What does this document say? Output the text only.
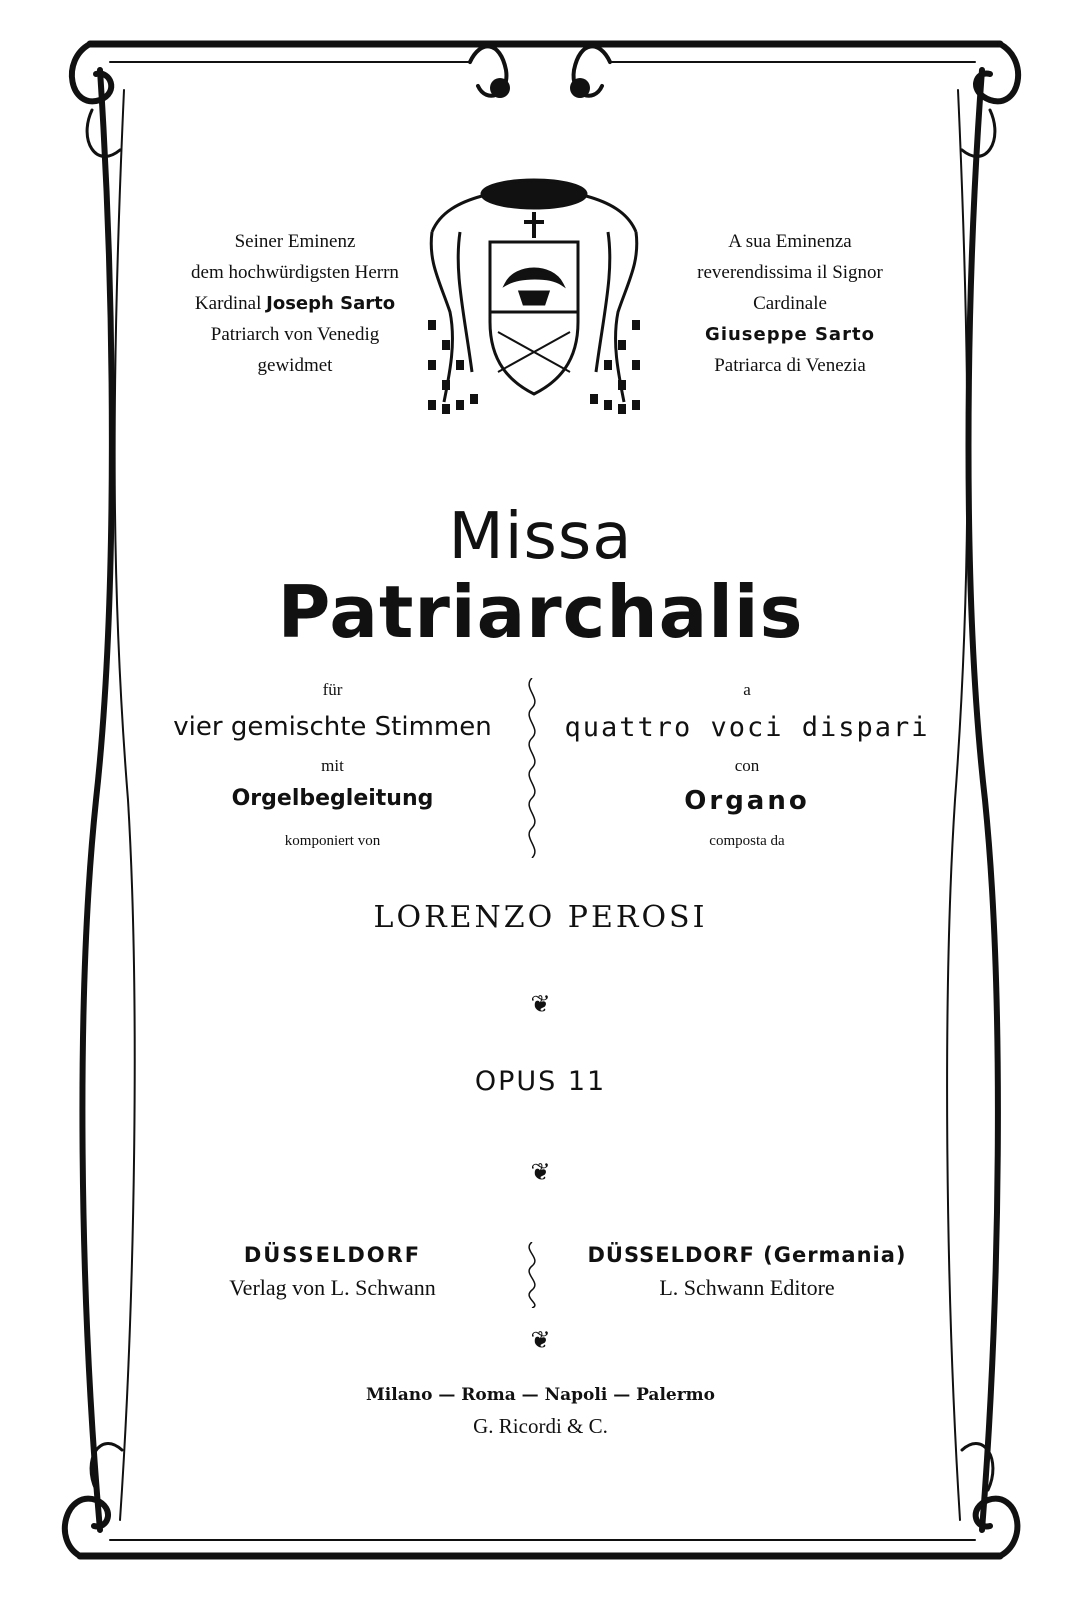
Seiner Eminenz
dem hochwürdigsten Herrn
Kardinal Joseph Sarto
Patriarch von Venedig
gewidmet
A sua Eminenza
reverendissima il Signor
Cardinale
Giuseppe Sarto
Patriarca di Venezia
Missa
Patriarchalis
für
vier gemischte Stimmen
mit
Orgelbegleitung
komponiert von
a
quattro voci dispari
con
Organo
composta da
LORENZO PEROSI
❦
OPUS 11
❦
DÜSSELDORF
Verlag von L. Schwann
DÜSSELDORF (Germania)
L. Schwann Editore
❦
Milano — Roma — Napoli — Palermo
G. Ricordi & C.
